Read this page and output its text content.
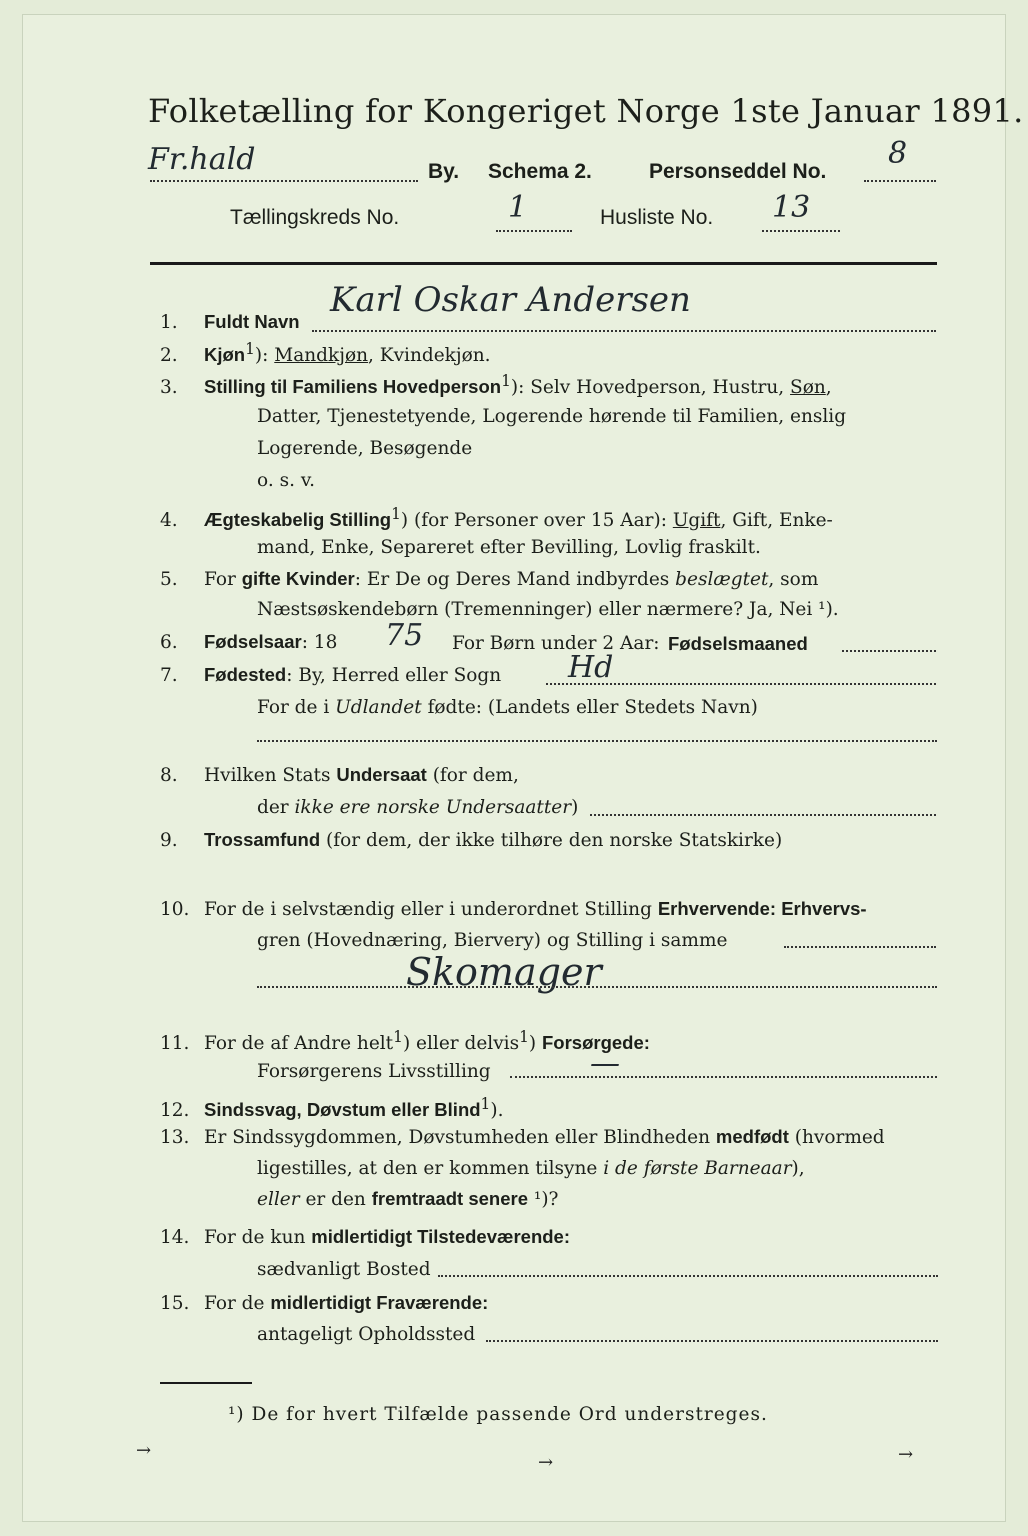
Folketælling for Kongeriget Norge 1ste Januar 1891.
Fr.hald	By. Schema 2.	Personseddel No.
8
Tællingskreds No.	1	Husliste No. 13
1. Fuldt Navn
Karl Oskar Andersen
2. Kjøn$^1$): Mandkjøn, Kvindekjøn.
3. Stilling til Familiens Hovedperson$^1$): Selv Hovedperson, Hustru, Søn,
Datter, Tjenestetyende, Logerende hørende til Familien, enslig
Logerende, Besøgende
o. s. v.
4. Ægteskabelig Stilling$^1$) (for Personer over 15 Aar): Ugift, Gift, Enke-
mand, Enke, Separeret efter Bevilling, Lovlig fraskilt.
5. For gifte Kvinder: Er De og Deres Mand indbyrdes beslægtet, som
Næstsøskendebørn (Tremenninger) eller nærmere? Ja, Nei ¹).
6. Fødselsaar: 18 75 For Børn under 2 Aar: Fødselsmaaned
7. Fødested: By, Herred eller Sogn Hd
For de i Udlandet fødte: (Landets eller Stedets Navn)
8. Hvilken Stats Undersaat (for dem,
der ikke ere norske Undersaatter)
9. Trossamfund (for dem, der ikke tilhøre den norske Statskirke)
10. For de i selvstændig eller i underordnet Stilling Erhvervende: Erhvervs-
gren (Hovednæring, Biervery) og Stilling i samme
Skomager
11. For de af Andre helt$^1$) eller delvis$^1$) Forsørgede:
Forsørgerens Livsstilling	—
12. Sindssvag, Døvstum eller Blind$^1$).
13. Er Sindssygdommen, Døvstumheden eller Blindheden medfødt (hvormed
ligestilles, at den er kommen tilsyne i de første Barneaar),
eller er den fremtraadt senere ¹)?
14. For de kun midlertidigt Tilstedeværende:
sædvanligt Bosted
15. For de midlertidigt Fraværende:
antageligt Opholdssted
¹) De for hvert Tilfælde passende Ord understreges.
→
→	→
